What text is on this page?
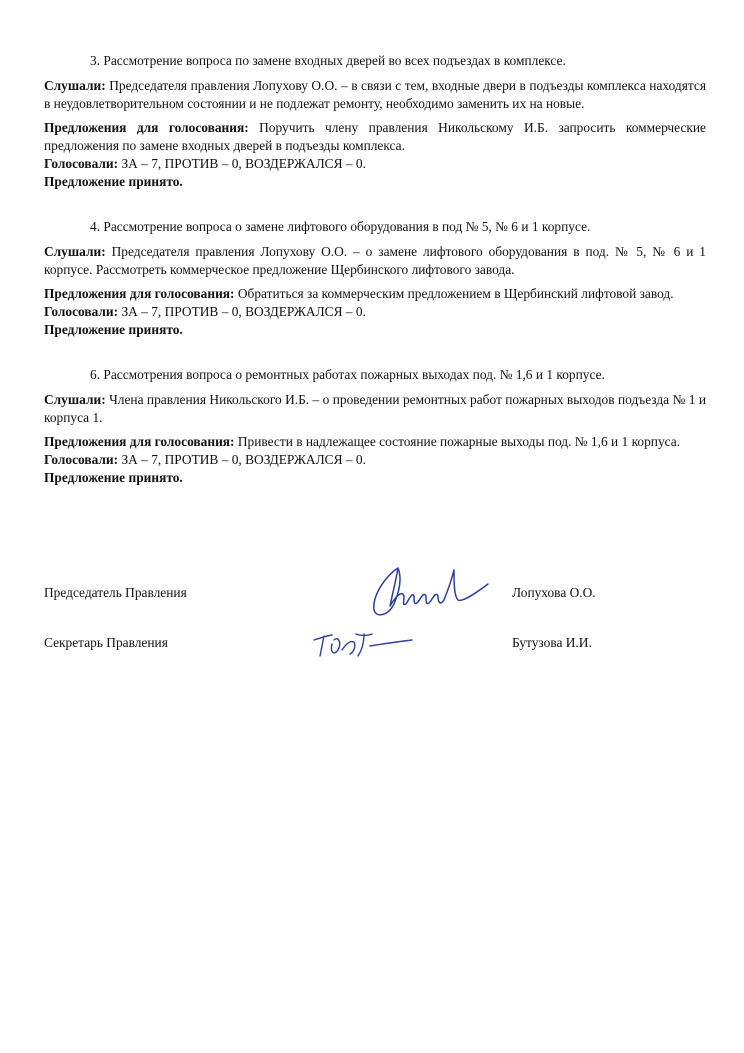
3. Рассмотрение вопроса по замене входных дверей во всех подъездах в комплексе.

Слушали: Председателя правления Лопухову О.О. – в связи с тем, входные двери в подъезды комплекса находятся в неудовлетворительном состоянии и не подлежат ремонту, необходимо заменить их на новые.

Предложения для голосования: Поручить члену правления Никольскому И.Б. запросить коммерческие предложения по замене входных дверей в подъезды комплекса.

Голосовали: ЗА – 7, ПРОТИВ – 0, ВОЗДЕРЖАЛСЯ – 0.

Предложение принято.

4. Рассмотрение вопроса о замене лифтового оборудования в под № 5, № 6 и 1 корпусе.

Слушали: Председателя правления Лопухову О.О. – о замене лифтового оборудования в под. № 5, № 6 и 1 корпусе. Рассмотреть коммерческое предложение Щербинского лифтового завода.

Предложения для голосования: Обратиться за коммерческим предложением в Щербинский лифтовой завод.

Голосовали: ЗА – 7, ПРОТИВ – 0, ВОЗДЕРЖАЛСЯ – 0.

Предложение принято.

6. Рассмотрения вопроса о ремонтных работах пожарных выходах под. № 1,6 и 1 корпусе.

Слушали: Члена правления Никольского И.Б. – о проведении ремонтных работ пожарных выходов подъезда № 1 и корпуса 1.

Предложения для голосования: Привести в надлежащее состояние пожарные выходы под. № 1,6 и 1 корпуса.

Голосовали: ЗА – 7, ПРОТИВ – 0, ВОЗДЕРЖАЛСЯ – 0.

Предложение принято.

Председатель Правления	Лопухова О.О.
Секретарь Правления	Бутузова И.И.
